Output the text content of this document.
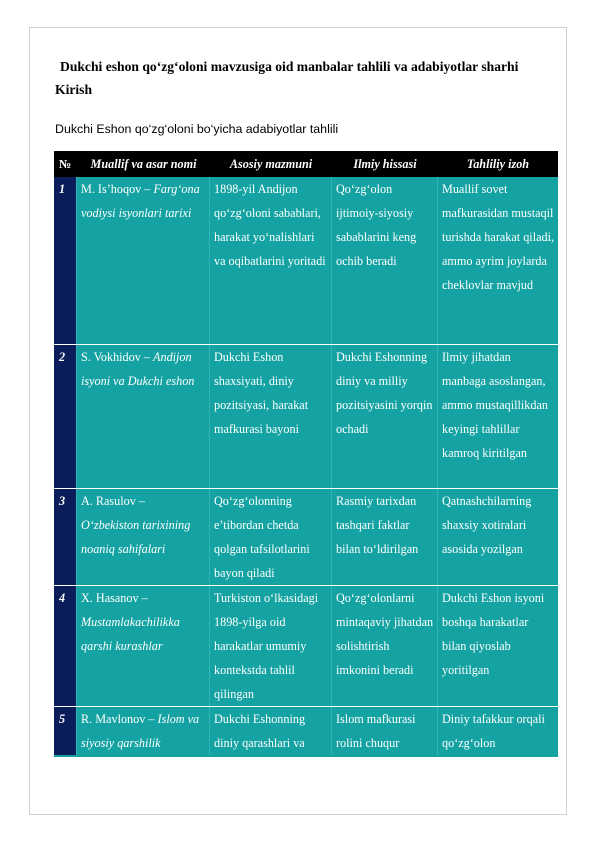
Dukchi eshon qo‘zg‘oloni mavzusiga oid manbalar tahlili va adabiyotlar sharhi
Kirish
Dukchi Eshon qo‘zg‘oloni bo‘yicha adabiyotlar tahlili
№	Muallif va asar nomi	Asosiy mazmuni	Ilmiy hissasi	Tahliliy izoh
1	M. Is’hoqov – Farg‘ona vodiysi isyonlari tarixi	1898-yil Andijon qo‘zg‘oloni sabablari, harakat yo‘nalishlari va oqibatlarini yoritadi	Qo‘zg‘olon ijtimoiy-siyosiy sabablarini keng ochib beradi	Muallif sovet mafkurasidan mustaqil turishda harakat qiladi, ammo ayrim joylarda cheklovlar mavjud
2	S. Vokhidov – Andijon isyoni va Dukchi eshon	Dukchi Eshon shaxsiyati, diniy pozitsiyasi, harakat mafkurasi bayoni	Dukchi Eshonning diniy va milliy pozitsiyasini yorqin ochadi	Ilmiy jihatdan manbaga asoslangan, ammo mustaqillikdan keyingi tahlillar kamroq kiritilgan
3	A. Rasulov – O‘zbekiston tarixining noaniq sahifalari	Qo‘zg‘olonning e’tibordan chetda qolgan tafsilotlarini bayon qiladi	Rasmiy tarixdan tashqari faktlar bilan to‘ldirilgan	Qatnashchilarning shaxsiy xotiralari asosida yozilgan
4	X. Hasanov – Mustamlakachilikka qarshi kurashlar	Turkiston o‘lkasidagi 1898-yilga oid harakatlar umumiy kontekstda tahlil qilingan	Qo‘zg‘olonlarni mintaqaviy jihatdan solishtirish imkonini beradi	Dukchi Eshon isyoni boshqa harakatlar bilan qiyoslab yoritilgan
5	R. Mavlonov – Islom va siyosiy qarshilik	Dukchi Eshonning diniy qarashlari va	Islom mafkurasi rolini chuqur	Diniy tafakkur orqali qo‘zg‘olon
